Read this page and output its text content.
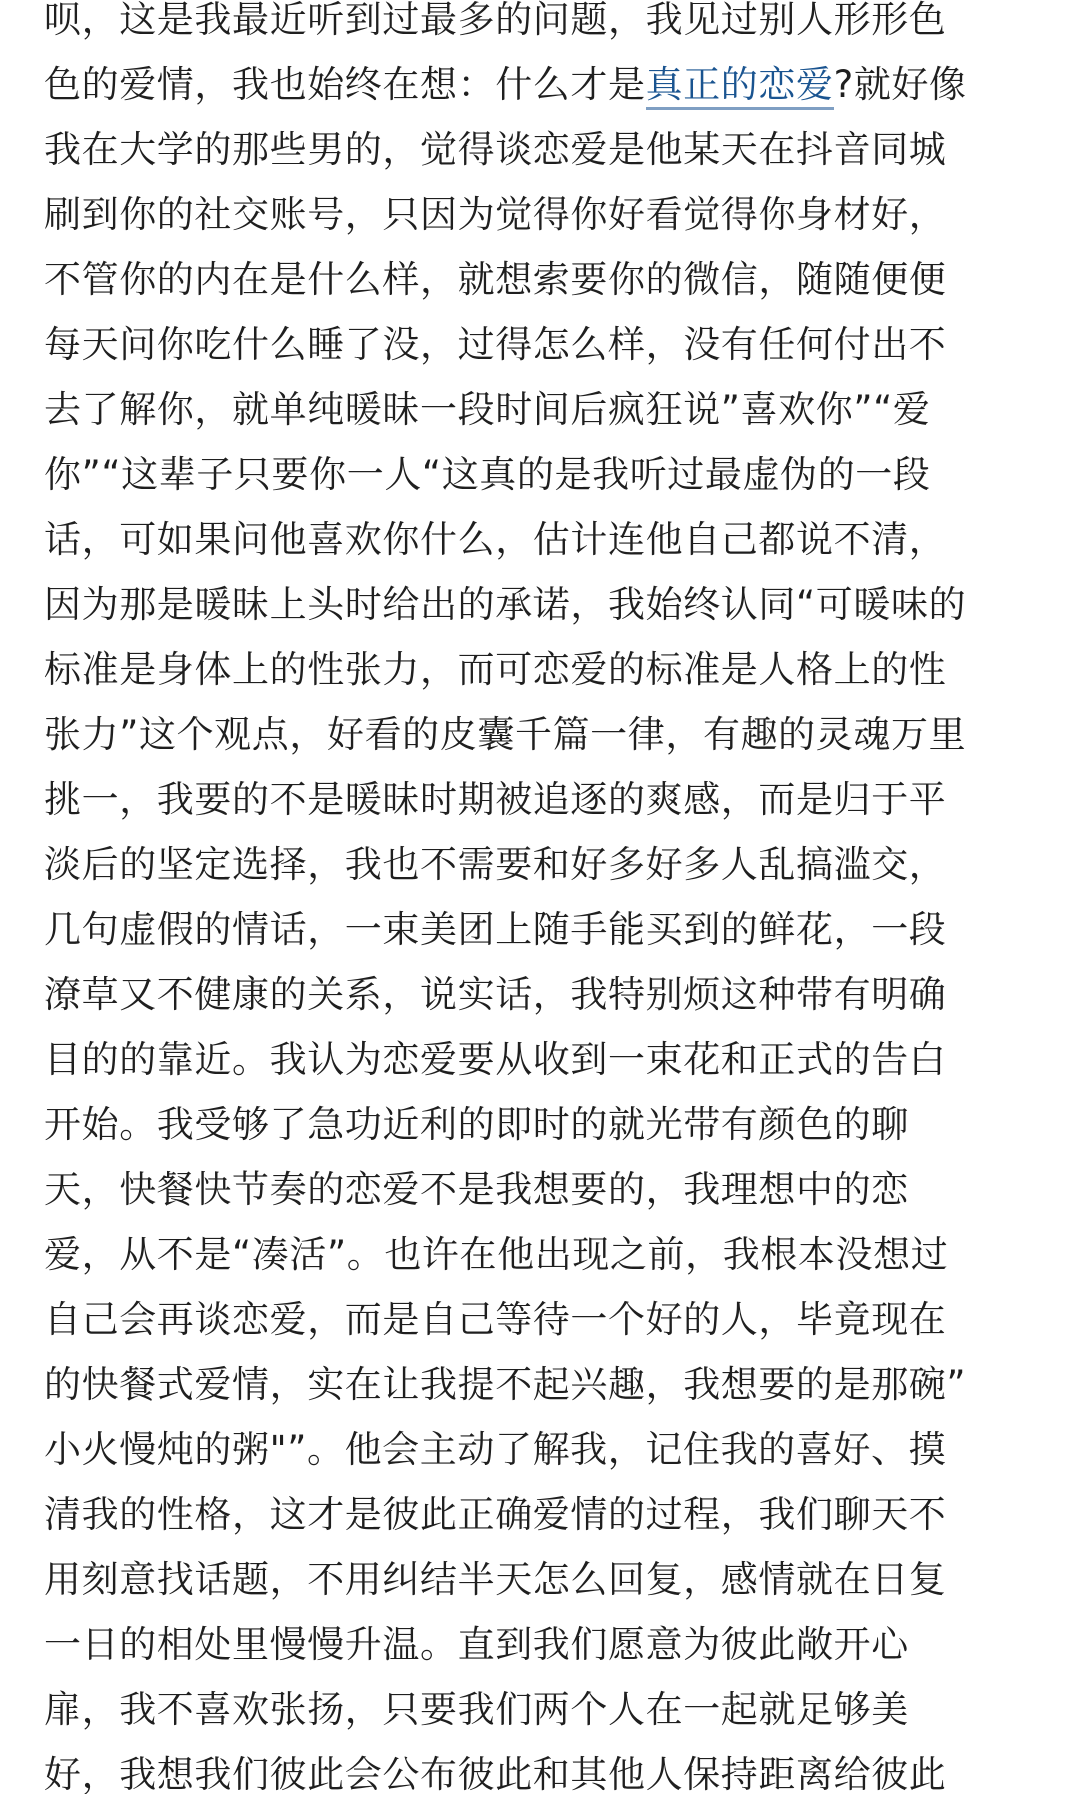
呗，这是我最近听到过最多的问题，我见过别人形形色
色的爱情，我也始终在想：什么才是真正的恋爱?就好像
我在大学的那些男的，觉得谈恋爱是他某天在抖音同城
刷到你的社交账号，只因为觉得你好看觉得你身材好，
不管你的内在是什么样，就想索要你的微信，随随便便
每天问你吃什么睡了没，过得怎么样，没有任何付出不
去了解你，就单纯暖昧一段时间后疯狂说”喜欢你”“爱
你”“这辈子只要你一人“这真的是我听过最虚伪的一段
话，可如果问他喜欢你什么，估计连他自己都说不清，
因为那是暖昧上头时给出的承诺，我始终认同“可暖味的
标准是身体上的性张力，而可恋爱的标准是人格上的性
张力”这个观点，好看的皮囊千篇一律，有趣的灵魂万里
挑一，我要的不是暖昧时期被追逐的爽感，而是归于平
淡后的坚定选择，我也不需要和好多好多人乱搞滥交，
几句虚假的情话，一束美团上随手能买到的鲜花，一段
潦草又不健康的关系，说实话，我特别烦这种带有明确
目的的靠近。我认为恋爱要从收到一束花和正式的告白
开始。我受够了急功近利的即时的就光带有颜色的聊
天，快餐快节奏的恋爱不是我想要的，我理想中的恋
爱，从不是“凑活”。也许在他出现之前，我根本没想过
自己会再谈恋爱，而是自己等待一个好的人，毕竟现在
的快餐式爱情，实在让我提不起兴趣，我想要的是那碗”
小火慢炖的粥"”。他会主动了解我，记住我的喜好、摸
清我的性格，这才是彼此正确爱情的过程，我们聊天不
用刻意找话题，不用纠结半天怎么回复，感情就在日复
一日的相处里慢慢升温。直到我们愿意为彼此敞开心
扉，我不喜欢张扬，只要我们两个人在一起就足够美
好，我想我们彼此会公布彼此和其他人保持距离给彼此
